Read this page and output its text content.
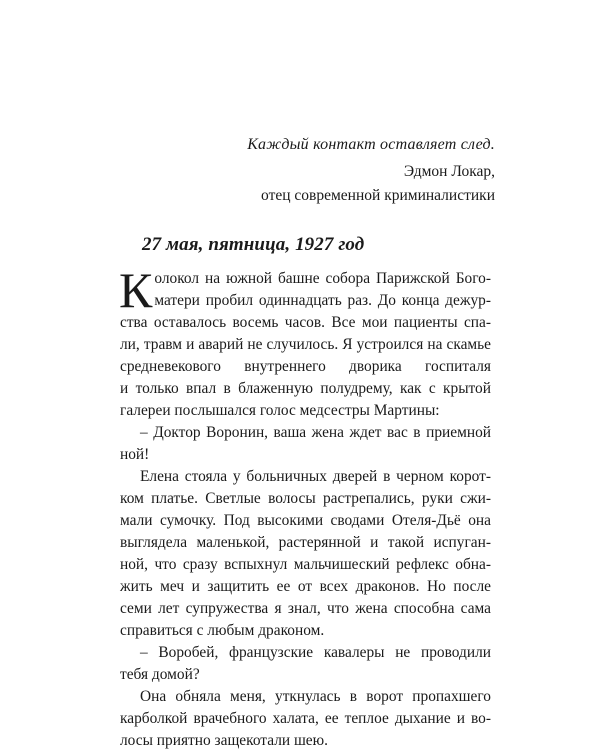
Каждый контакт оставляет след.
Эдмон Локар,
отец современной криминалистики
27 мая, пятница, 1927 год
К олокол на южной башне собора Парижской Бого-
матери пробил одиннадцать раз. До конца дежур-
ства оставалось восемь часов. Все мои пациенты спа-
ли, травм и аварий не случилось. Я устроился на скамье
средневекового внутреннего дворика госпиталя
и только впал в блаженную полудрему, как с крытой
галереи послышался голос медсестры Мартины:
– Доктор Воронин, ваша жена ждет вас в приемной
ной!
Елена стояла у больничных дверей в черном корот-
ком платье. Светлые волосы растрепались, руки сжи-
мали сумочку. Под высокими сводами Отеля-Дьё она
выглядела маленькой, растерянной и такой испуган-
ной, что сразу вспыхнул мальчишеский рефлекс обна-
жить меч и защитить ее от всех драконов. Но после
семи лет супружества я знал, что жена способна сама
справиться с любым драконом.
– Воробей, французские кавалеры не проводили
тебя домой?
Она обняла меня, уткнулась в ворот пропахшего
карболкой врачебного халата, ее теплое дыхание и во-
лосы приятно защекотали шею.
